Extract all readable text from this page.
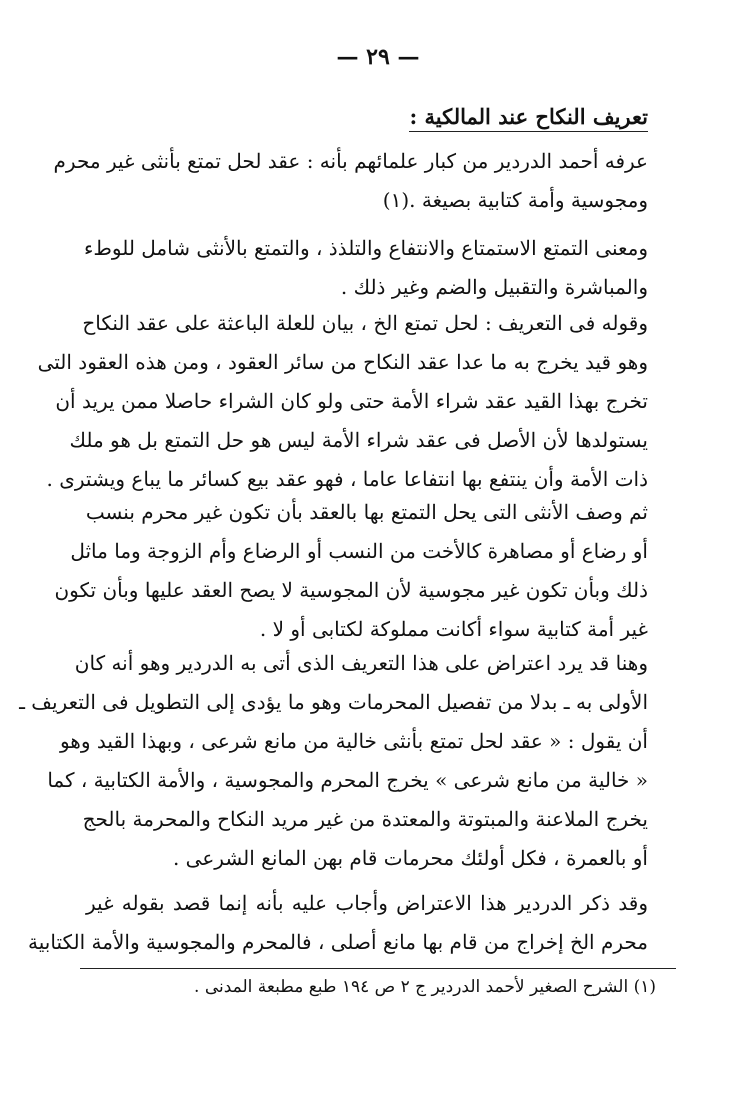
— ٢٩ —
تعريف النكاح عند المالكية :
عرفه أحمد الدردير من كبار علمائهم بأنه : عقد لحل تمتع بأنثى غير محرم
ومجوسية وأمة كتابية بصيغة .(١)
ومعنى التمتع الاستمتاع والانتفاع والتلذذ ، والتمتع بالأنثى شامل للوطء
والمباشرة والتقبيل والضم وغير ذلك .
وقوله فى التعريف : لحل تمتع الخ ، بيان للعلة الباعثة على عقد النكاح
وهو قيد يخرج به ما عدا عقد النكاح من سائر العقود ، ومن هذه العقود التى
تخرج بهذا القيد عقد شراء الأمة حتى ولو كان الشراء حاصلا ممن يريد أن
يستولدها لأن الأصل فى عقد شراء الأمة ليس هو حل التمتع بل هو ملك
ذات الأمة وأن ينتفع بها انتفاعا عاما ، فهو عقد بيع كسائر ما يباع ويشترى .
ثم وصف الأنثى التى يحل التمتع بها بالعقد بأن تكون غير محرم بنسب
أو رضاع أو مصاهرة كالأخت من النسب أو الرضاع وأم الزوجة وما ماثل
ذلك وبأن تكون غير مجوسية لأن المجوسية لا يصح العقد عليها وبأن تكون
غير أمة كتابية سواء أكانت مملوكة لكتابى أو لا .
وهنا قد يرد اعتراض على هذا التعريف الذى أتى به الدردير وهو أنه كان
الأولى به ـ بدلا من تفصيل المحرمات وهو ما يؤدى إلى التطويل فى التعريف ـ
أن يقول : « عقد لحل تمتع بأنثى خالية من مانع شرعى ، وبهذا القيد وهو
« خالية من مانع شرعى » يخرج المحرم والمجوسية ، والأمة الكتابية ، كما
يخرج الملاعنة والمبتوتة والمعتدة من غير مريد النكاح والمحرمة بالحج
أو بالعمرة ، فكل أولئك محرمات قام بهن المانع الشرعى .
وقد ذكر الدردير هذا الاعتراض وأجاب عليه بأنه إنما قصد بقوله غير
محرم الخ إخراج من قام بها مانع أصلى ، فالمحرم والمجوسية والأمة الكتابية
(١) الشرح الصغير لأحمد الدردير ج ٢ ص ١٩٤ طبع مطبعة المدنى .
